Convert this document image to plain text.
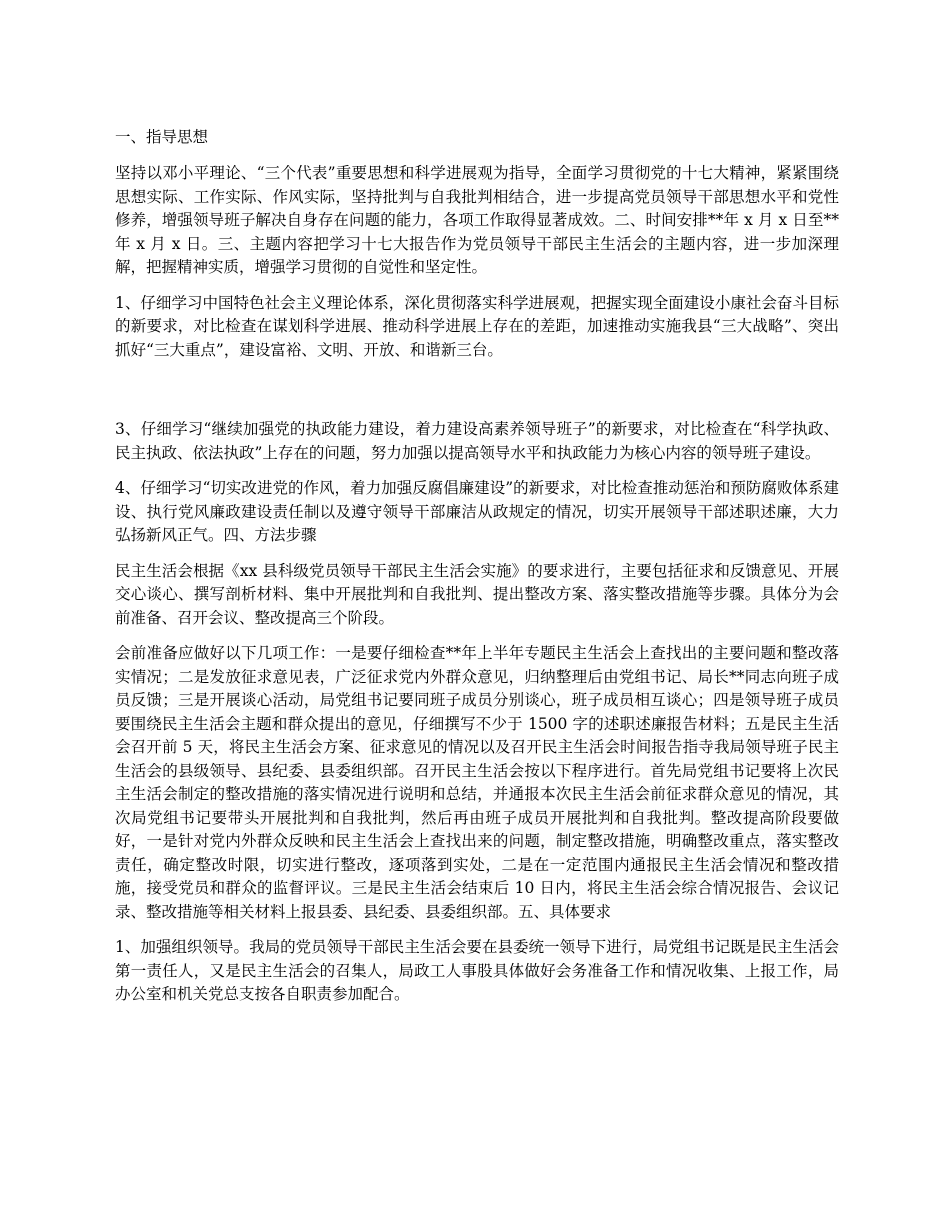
一、指导思想

坚持以邓小平理论、“三个代表”重要思想和科学进展观为指导，全面学习贯彻党的十七大精神，紧紧围绕思想实际、工作实际、作风实际，坚持批判与自我批判相结合，进一步提高党员领导干部思想水平和党性修养，增强领导班子解决自身存在问题的能力，各项工作取得显著成效。二、时间安排**年 x 月 x 日至**年 x 月 x 日。三、主题内容把学习十七大报告作为党员领导干部民主生活会的主题内容，进一步加深理解，把握精神实质，增强学习贯彻的自觉性和坚定性。

1、仔细学习中国特色社会主义理论体系，深化贯彻落实科学进展观，把握实现全面建设小康社会奋斗目标的新要求，对比检查在谋划科学进展、推动科学进展上存在的差距，加速推动实施我县“三大战略”、突出抓好“三大重点”，建设富裕、文明、开放、和谐新三台。

3、仔细学习“继续加强党的执政能力建设，着力建设高素养领导班子”的新要求，对比检查在“科学执政、民主执政、依法执政”上存在的问题，努力加强以提高领导水平和执政能力为核心内容的领导班子建设。

4、仔细学习“切实改进党的作风，着力加强反腐倡廉建设”的新要求，对比检查推动惩治和预防腐败体系建设、执行党风廉政建设责任制以及遵守领导干部廉洁从政规定的情况，切实开展领导干部述职述廉，大力弘扬新风正气。四、方法步骤

民主生活会根据《xx 县科级党员领导干部民主生活会实施》的要求进行，主要包括征求和反馈意见、开展交心谈心、撰写剖析材料、集中开展批判和自我批判、提出整改方案、落实整改措施等步骤。具体分为会前准备、召开会议、整改提高三个阶段。

会前准备应做好以下几项工作：一是要仔细检查**年上半年专题民主生活会上查找出的主要问题和整改落实情况；二是发放征求意见表，广泛征求党内外群众意见，归纳整理后由党组书记、局长**同志向班子成员反馈；三是开展谈心活动，局党组书记要同班子成员分别谈心，班子成员相互谈心；四是领导班子成员要围绕民主生活会主题和群众提出的意见，仔细撰写不少于 1500 字的述职述廉报告材料；五是民主生活会召开前 5 天，将民主生活会方案、征求意见的情况以及召开民主生活会时间报告指寺我局领导班子民主生活会的县级领导、县纪委、县委组织部。召开民主生活会按以下程序进行。首先局党组书记要将上次民主生活会制定的整改措施的落实情况进行说明和总结，并通报本次民主生活会前征求群众意见的情况，其次局党组书记要带头开展批判和自我批判，然后再由班子成员开展批判和自我批判。整改提高阶段要做好，一是针对党内外群众反映和民主生活会上查找出来的问题，制定整改措施，明确整改重点，落实整改责任，确定整改时限，切实进行整改，逐项落到实处，二是在一定范围内通报民主生活会情况和整改措施，接受党员和群众的监督评议。三是民主生活会结束后 10 日内，将民主生活会综合情况报告、会议记录、整改措施等相关材料上报县委、县纪委、县委组织部。五、具体要求

1、加强组织领导。我局的党员领导干部民主生活会要在县委统一领导下进行，局党组书记既是民主生活会第一责任人，又是民主生活会的召集人，局政工人事股具体做好会务准备工作和情况收集、上报工作，局办公室和机关党总支按各自职责参加配合。
